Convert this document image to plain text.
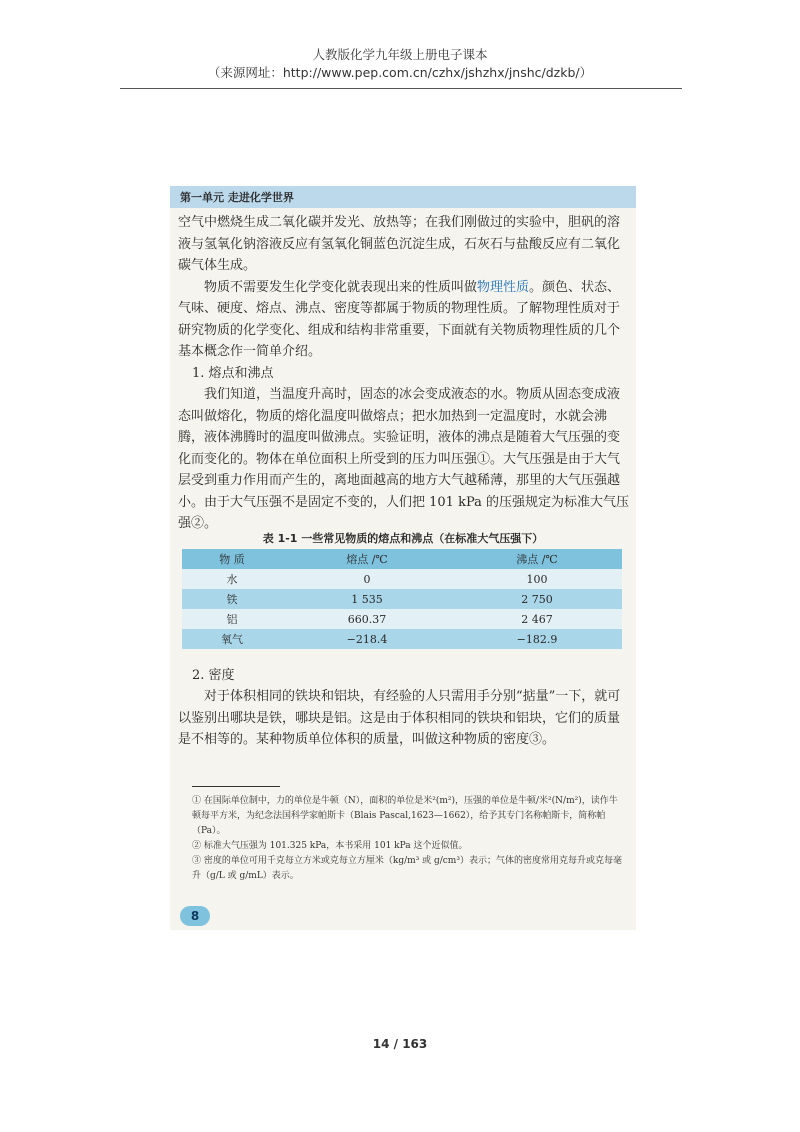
人教版化学九年级上册电子课本
（来源网址：http://www.pep.com.cn/czhx/jshzhx/jnshc/dzkb/）
第一单元 走进化学世界

空气中燃烧生成二氧化碳并发光、放热等；在我们刚做过的实验中，胆矾的溶液与氢氧化钠溶液反应有氢氧化铜蓝色沉淀生成，石灰石与盐酸反应有二氧化碳气体生成。

物质不需要发生化学变化就表现出来的性质叫做物理性质。颜色、状态、气味、硬度、熔点、沸点、密度等都属于物质的物理性质。了解物理性质对于研究物质的化学变化、组成和结构非常重要，下面就有关物质物理性质的几个基本概念作一简单介绍。

1. 熔点和沸点

我们知道，当温度升高时，固态的冰会变成液态的水。物质从固态变成液态叫做熔化，物质的熔化温度叫做熔点；把水加热到一定温度时，水就会沸腾，液体沸腾时的温度叫做沸点。实验证明，液体的沸点是随着大气压强的变化而变化的。物体在单位面积上所受到的压力叫压强①。大气压强是由于大气层受到重力作用而产生的，离地面越高的地方大气越稀薄，那里的大气压强越小。由于大气压强不是固定不变的，人们把 101 kPa 的压强规定为标准大气压强②。

表 1-1 一些常见物质的熔点和沸点（在标准大气压强下）
物 质	熔点 /℃	沸点 /℃
水	0	100
铁	1 535	2 750
铝	660.37	2 467
氧气	−218.4	−182.9
2. 密度

对于体积相同的铁块和铝块，有经验的人只需用手分别“掂量”一下，就可以鉴别出哪块是铁，哪块是铝。这是由于体积相同的铁块和铝块，它们的质量是不相等的。某种物质单位体积的质量，叫做这种物质的密度③。

① 在国际单位制中，力的单位是牛顿（N），面积的单位是米²(m²)，压强的单位是牛顿/米²(N/m²)，读作牛顿每平方米，为纪念法国科学家帕斯卡（Blais Pascal,1623—1662），给予其专门名称帕斯卡，简称帕（Pa）。

② 标准大气压强为 101.325 kPa，本书采用 101 kPa 这个近似值。

③ 密度的单位可用千克每立方米或克每立方厘米（kg/m³ 或 g/cm³）表示；气体的密度常用克每升或克每毫升（g/L 或 g/mL）表示。

8
14 / 163
